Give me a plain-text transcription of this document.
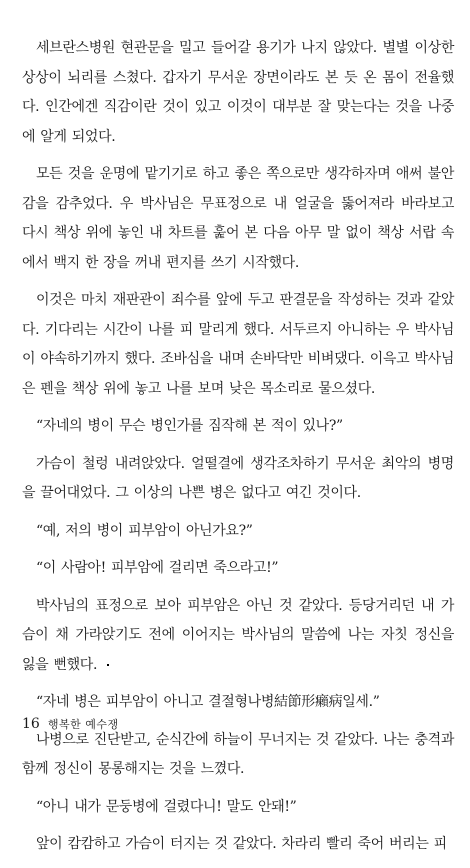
세브란스병원 현관문을 밀고 들어갈 용기가 나지 않았다. 별별 이상한 상상이 뇌리를 스쳤다. 갑자기 무서운 장면이라도 본 듯 온 몸이 전율했다. 인간에겐 직감이란 것이 있고 이것이 대부분 잘 맞는다는 것을 나중에 알게 되었다.

모든 것을 운명에 맡기기로 하고 좋은 쪽으로만 생각하자며 애써 불안감을 감추었다. 우 박사님은 무표정으로 내 얼굴을 뚫어져라 바라보고 다시 책상 위에 놓인 내 차트를 훑어 본 다음 아무 말 없이 책상 서랍 속에서 백지 한 장을 꺼내 편지를 쓰기 시작했다.

이것은 마치 재판관이 죄수를 앞에 두고 판결문을 작성하는 것과 같았다. 기다리는 시간이 나를 피 말리게 했다. 서두르지 아니하는 우 박사님이 야속하기까지 했다. 조바심을 내며 손바닥만 비벼댔다. 이윽고 박사님은 펜을 책상 위에 놓고 나를 보며 낮은 목소리로 물으셨다.

“자네의 병이 무슨 병인가를 짐작해 본 적이 있나?”

가슴이 철렁 내려앉았다. 얼떨결에 생각조차하기 무서운 최악의 병명을 끌어대었다. 그 이상의 나쁜 병은 없다고 여긴 것이다.

“예, 저의 병이 피부암이 아닌가요?”

“이 사람아! 피부암에 걸리면 죽으라고!”

박사님의 표정으로 보아 피부암은 아닌 것 같았다. 등당거리던 내 가슴이 채 가라앉기도 전에 이어지는 박사님의 말씀에 나는 자칫 정신을 잃을 뻔했다.

“자네 병은 피부암이 아니고 결절형나병結節形癩病일세.”

나병으로 진단받고, 순식간에 하늘이 무너지는 것 같았다. 나는 충격과 함께 정신이 몽롱해지는 것을 느꼈다.

“아니 내가 문둥병에 걸렸다니! 말도 안돼!”

앞이 캄캄하고 가슴이 터지는 것 같았다. 차라리 빨리 죽어 버리는 피

16 행복한 예수쟁
